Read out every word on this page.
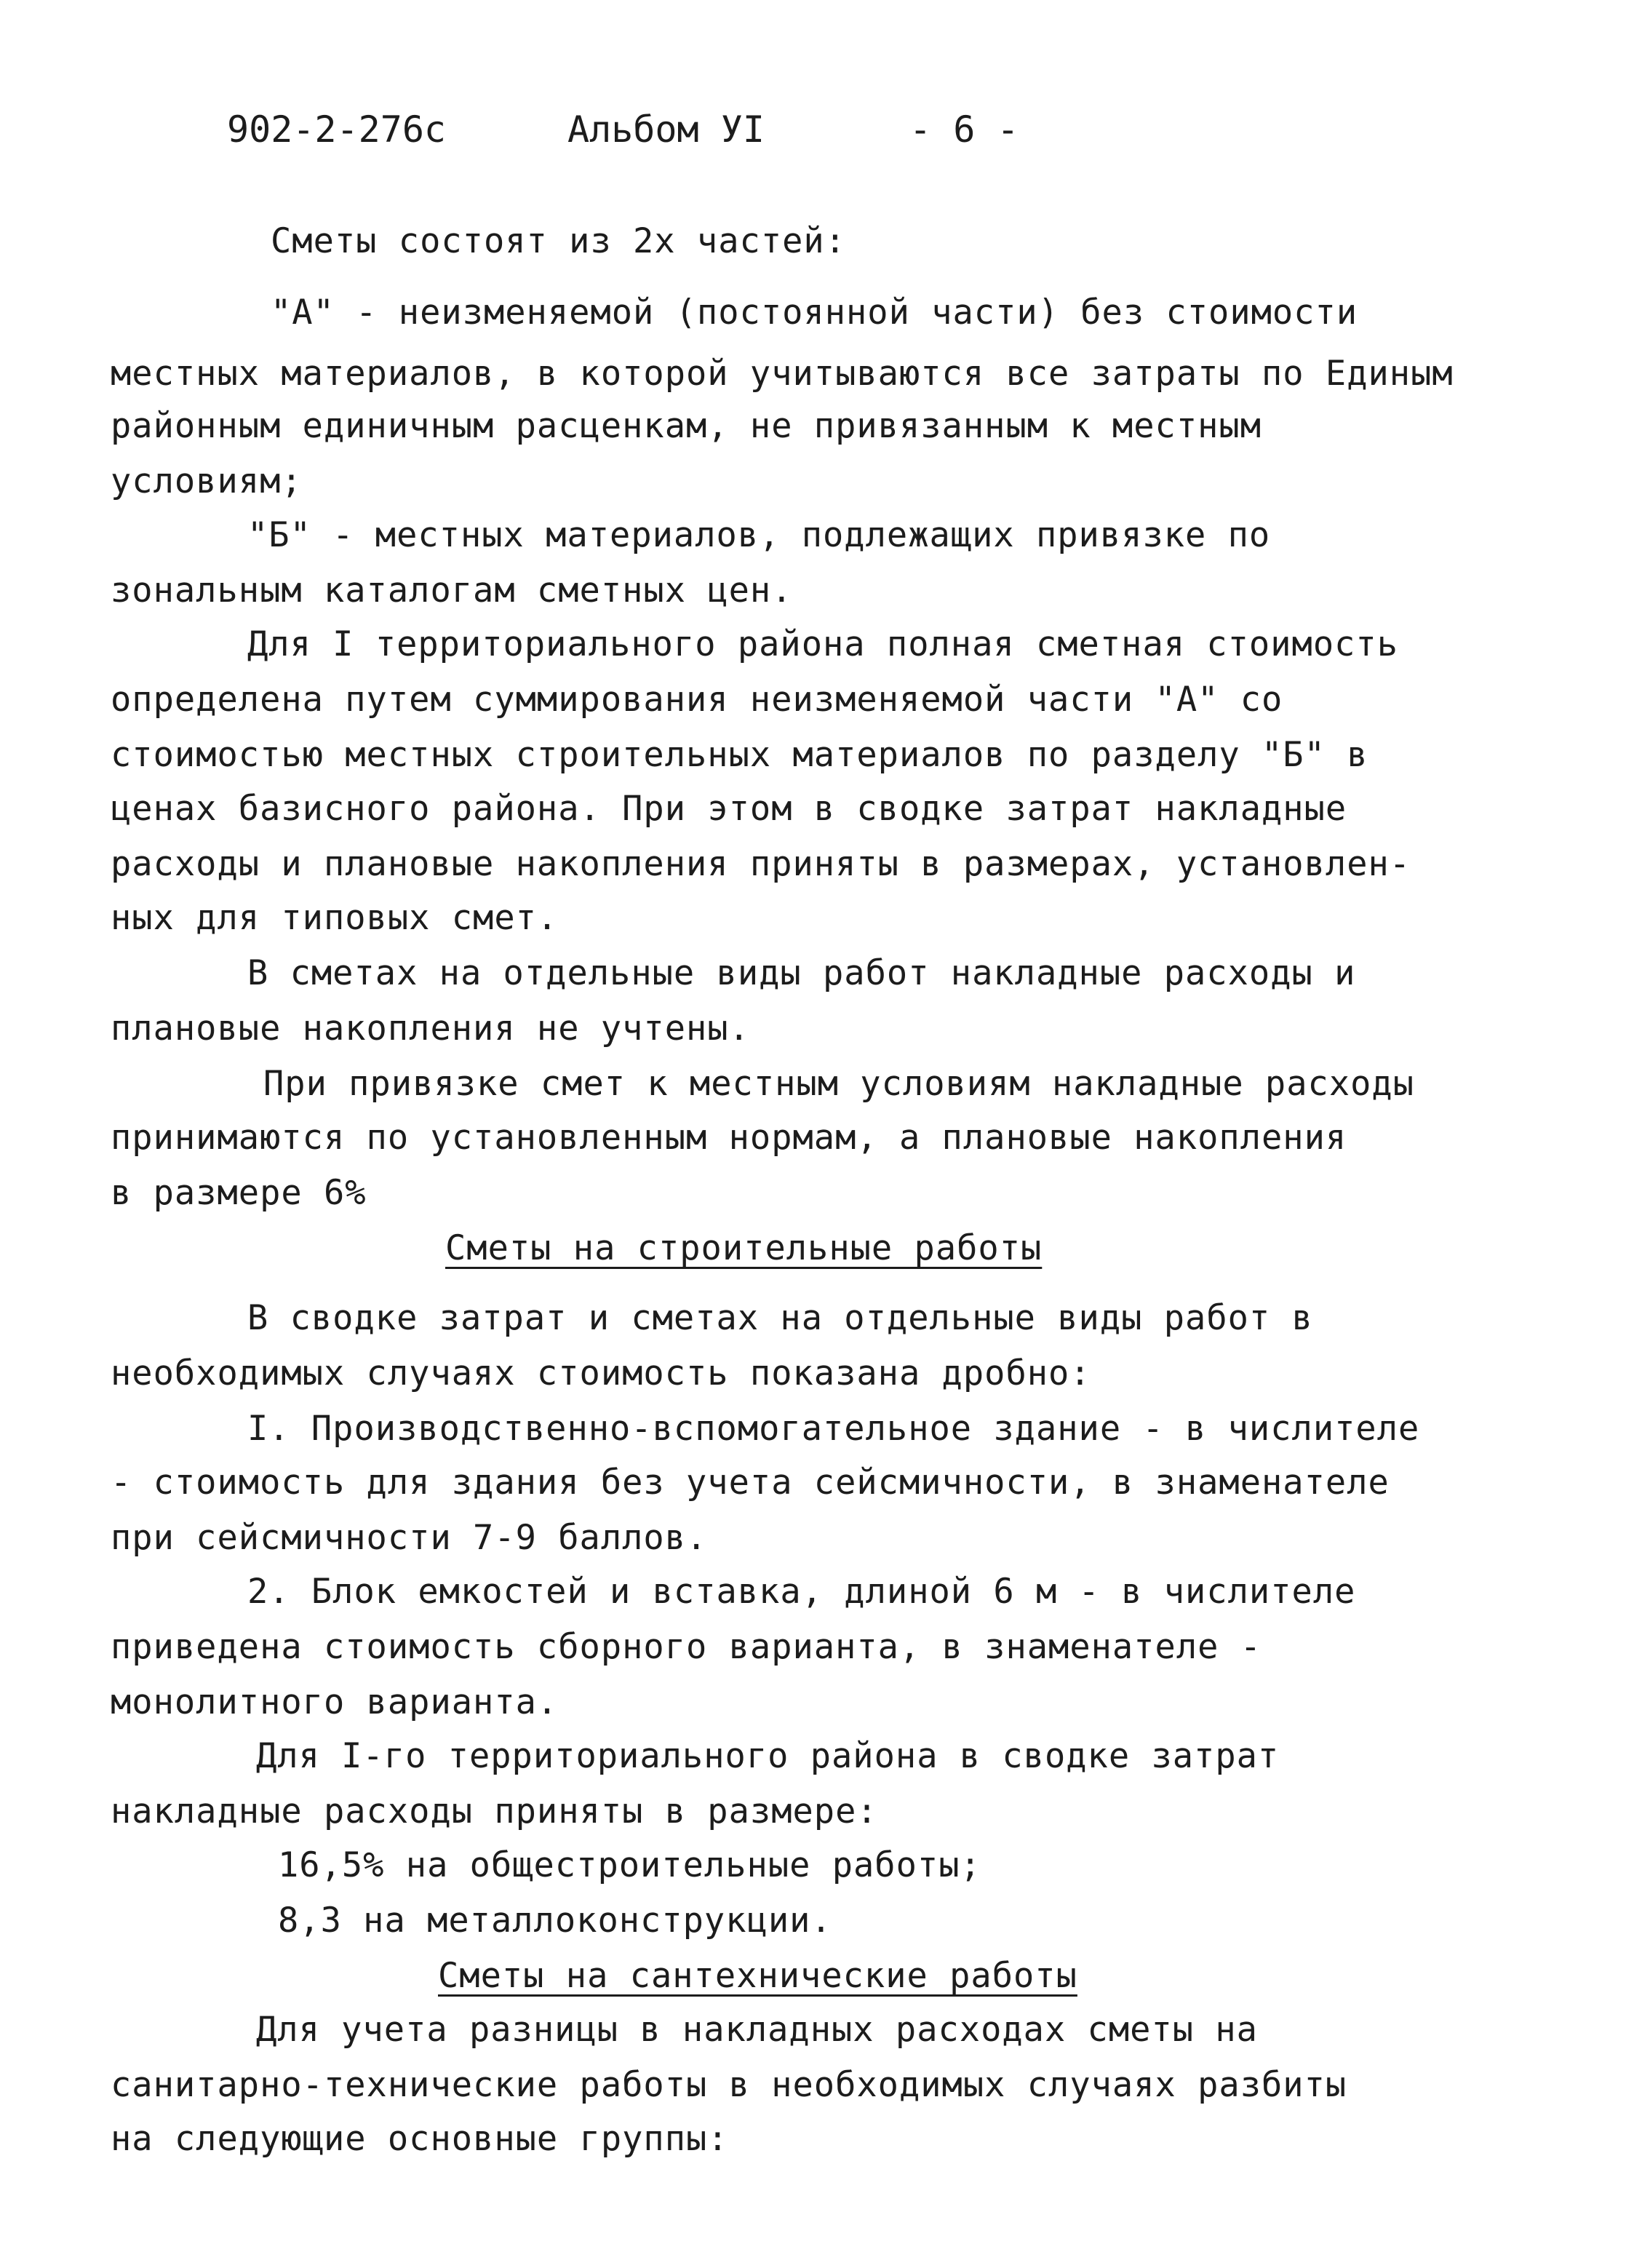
902-2-276с	Альбом УI	- 6 -
Сметы состоят из 2х частей:
"А" - неизменяемой (постоянной части) без стоимости
местных материалов, в которой учитываются все затраты по Единым
районным единичным расценкам, не привязанным к местным
условиям;
"Б" - местных материалов, подлежащих привязке по
зональным каталогам сметных цен.
Для I территориального района полная сметная стоимость
определена путем суммирования неизменяемой части "А" со
стоимостью местных строительных материалов по разделу "Б" в
ценах базисного района. При этом в сводке затрат накладные
расходы и плановые накопления приняты в размерах, установлен-
ных для типовых смет.
В сметах на отдельные виды работ накладные расходы и
плановые накопления не учтены.
При привязке смет к местным условиям накладные расходы
принимаются по установленным нормам, а плановые накопления
в размере 6%
Сметы на строительные работы
В сводке затрат и сметах на отдельные виды работ в
необходимых случаях стоимость показана дробно:
I. Производственно-вспомогательное здание - в числителе
- стоимость для здания без учета сейсмичности, в знаменателе
при сейсмичности 7-9 баллов.
2. Блок емкостей и вставка, длиной 6 м - в числителе
приведена стоимость сборного варианта, в знаменателе -
монолитного варианта.
Для I-го территориального района в сводке затрат
накладные расходы приняты в размере:
16,5% на общестроительные работы;
8,3 на металлоконструкции.
Сметы на сантехнические работы
Для учета разницы в накладных расходах сметы на
санитарно-технические работы в необходимых случаях разбиты
на следующие основные группы:
